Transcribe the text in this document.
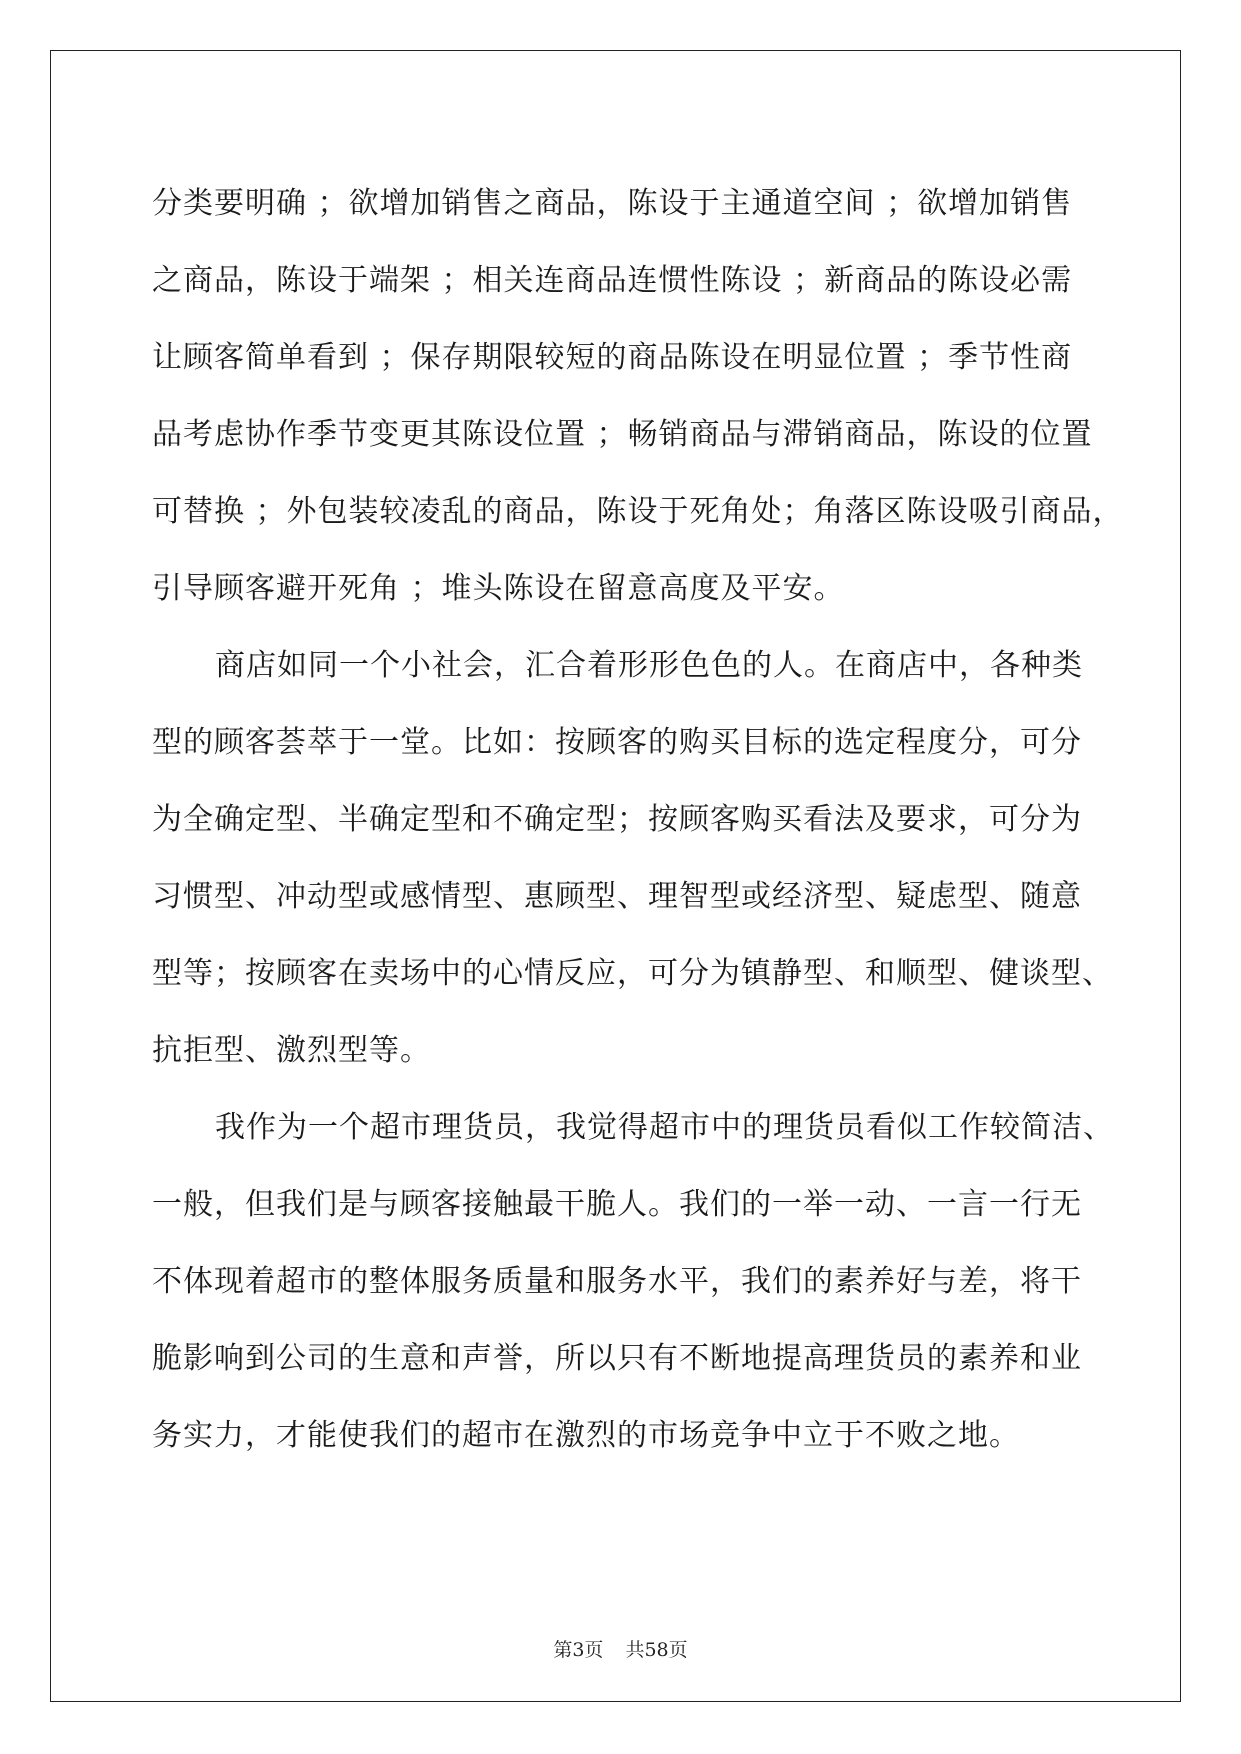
分类要明确 ；欲增加销售之商品，陈设于主通道空间 ；欲增加销售
之商品，陈设于端架 ；相关连商品连惯性陈设 ；新商品的陈设必需
让顾客简单看到 ；保存期限较短的商品陈设在明显位置 ；季节性商
品考虑协作季节变更其陈设位置 ；畅销商品与滞销商品，陈设的位置
可替换 ；外包装较凌乱的商品，陈设于死角处；角落区陈设吸引商品，
引导顾客避开死角 ；堆头陈设在留意高度及平安。
商店如同一个小社会，汇合着形形色色的人。在商店中，各种类
型的顾客荟萃于一堂。比如：按顾客的购买目标的选定程度分，可分
为全确定型、半确定型和不确定型；按顾客购买看法及要求，可分为
习惯型、冲动型或感情型、惠顾型、理智型或经济型、疑虑型、随意
型等；按顾客在卖场中的心情反应，可分为镇静型、和顺型、健谈型、
抗拒型、激烈型等。
我作为一个超市理货员，我觉得超市中的理货员看似工作较简洁、
一般，但我们是与顾客接触最干脆人。我们的一举一动、一言一行无
不体现着超市的整体服务质量和服务水平，我们的素养好与差，将干
脆影响到公司的生意和声誉，所以只有不断地提高理货员的素养和业
务实力，才能使我们的超市在激烈的市场竞争中立于不败之地。
第3页 共58页
